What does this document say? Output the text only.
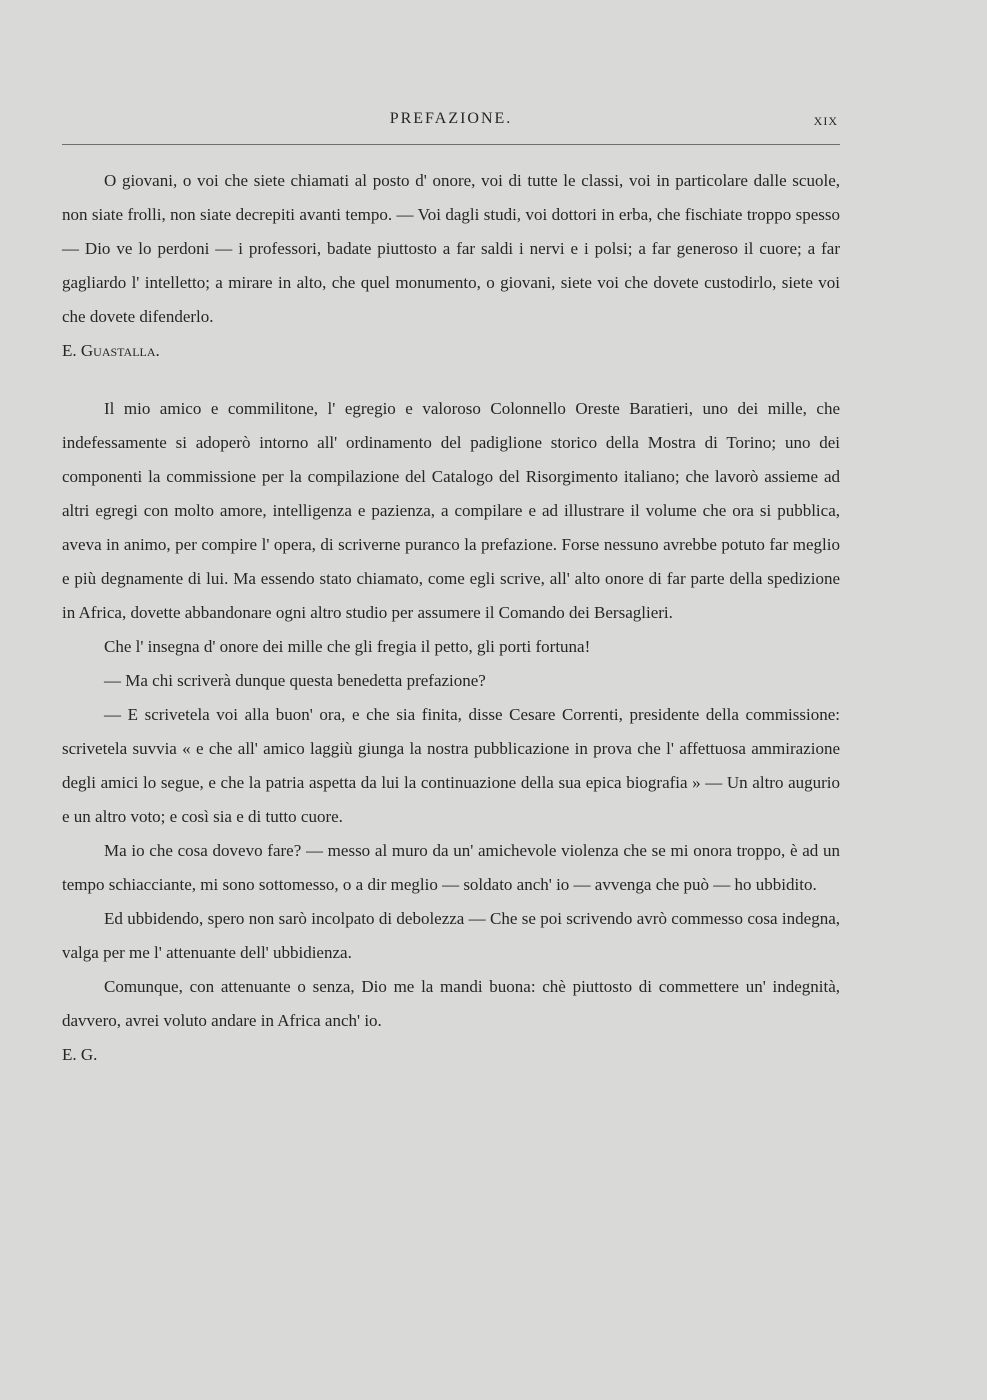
PREFAZIONE.	XIX

O giovani, o voi che siete chiamati al posto d' onore, voi di tutte le classi, voi in particolare dalle scuole, non siate frolli, non siate decrepiti avanti tempo. — Voi dagli studi, voi dottori in erba, che fischiate troppo spesso — Dio ve lo perdoni — i professori, badate piuttosto a far saldi i nervi e i polsi; a far generoso il cuore; a far gagliardo l' intelletto; a mirare in alto, che quel monumento, o giovani, siete voi che dovete custodirlo, siete voi che dovete difenderlo.

E. Guastalla.

Il mio amico e commilitone, l' egregio e valoroso Colonnello Oreste Baratieri, uno dei mille, che indefessamente si adoperò intorno all' ordinamento del padiglione storico della Mostra di Torino; uno dei componenti la commissione per la compilazione del Catalogo del Risorgimento italiano; che lavorò assieme ad altri egregi con molto amore, intelligenza e pazienza, a compilare e ad illustrare il volume che ora si pubblica, aveva in animo, per compire l' opera, di scriverne puranco la prefazione. Forse nessuno avrebbe potuto far meglio e più degnamente di lui. Ma essendo stato chiamato, come egli scrive, all' alto onore di far parte della spedizione in Africa, dovette abbandonare ogni altro studio per assumere il Comando dei Bersaglieri.

Che l' insegna d' onore dei mille che gli fregia il petto, gli porti fortuna!

— Ma chi scriverà dunque questa benedetta prefazione?

— E scrivetela voi alla buon' ora, e che sia finita, disse Cesare Correnti, presidente della commissione: scrivetela suvvia « e che all' amico laggiù giunga la nostra pubblicazione in prova che l' affettuosa ammirazione degli amici lo segue, e che la patria aspetta da lui la continuazione della sua epica biografia » — Un altro augurio e un altro voto; e così sia e di tutto cuore.

Ma io che cosa dovevo fare? — messo al muro da un' amichevole violenza che se mi onora troppo, è ad un tempo schiacciante, mi sono sottomesso, o a dir meglio — soldato anch' io — avvenga che può — ho ubbidito.

Ed ubbidendo, spero non sarò incolpato di debolezza — Che se poi scrivendo avrò commesso cosa indegna, valga per me l' attenuante dell' ubbidienza.

Comunque, con attenuante o senza, Dio me la mandi buona: chè piuttosto di commettere un' indegnità, davvero, avrei voluto andare in Africa anch' io.

E. G.
